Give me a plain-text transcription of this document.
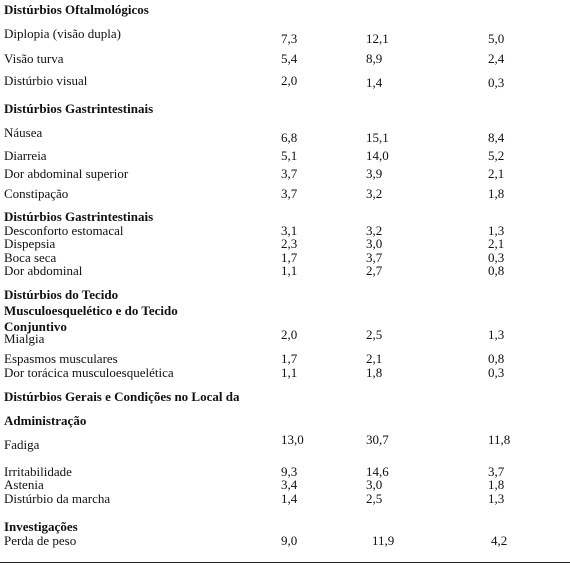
Distúrbios Oftalmológicos
Diplopia (visão dupla)	7,3	12,1	5,0
Visão turva	5,4	8,9	2,4
Distúrbio visual	2,0	1,4	0,3
Distúrbios Gastrintestinais
Náusea	6,8	15,1	8,4
Diarreia	5,1	14,0	5,2
Dor abdominal superior	3,7	3,9	2,1
Constipação	3,7	3,2	1,8
Distúrbios Gastrintestinais
Desconforto estomacal	3,1	3,2	1,3
Dispepsia	2,3	3,0	2,1
Boca seca	1,7	3,7	0,3
Dor abdominal	1,1	2,7	0,8
Distúrbios do Tecido
Musculoesquelético e do Tecido
Conjuntivo
Mialgia	2,0	2,5	1,3
Espasmos musculares	1,7	2,1	0,8
Dor torácica musculoesquelética	1,1	1,8	0,3
Distúrbios Gerais e Condições no Local da
Administração
Fadiga	13,0	30,7	11,8
Irritabilidade	9,3	14,6	3,7
Astenia	3,4	3,0	1,8
Distúrbio da marcha	1,4	2,5	1,3
Investigações
Perda de peso	9,0	11,9	4,2
